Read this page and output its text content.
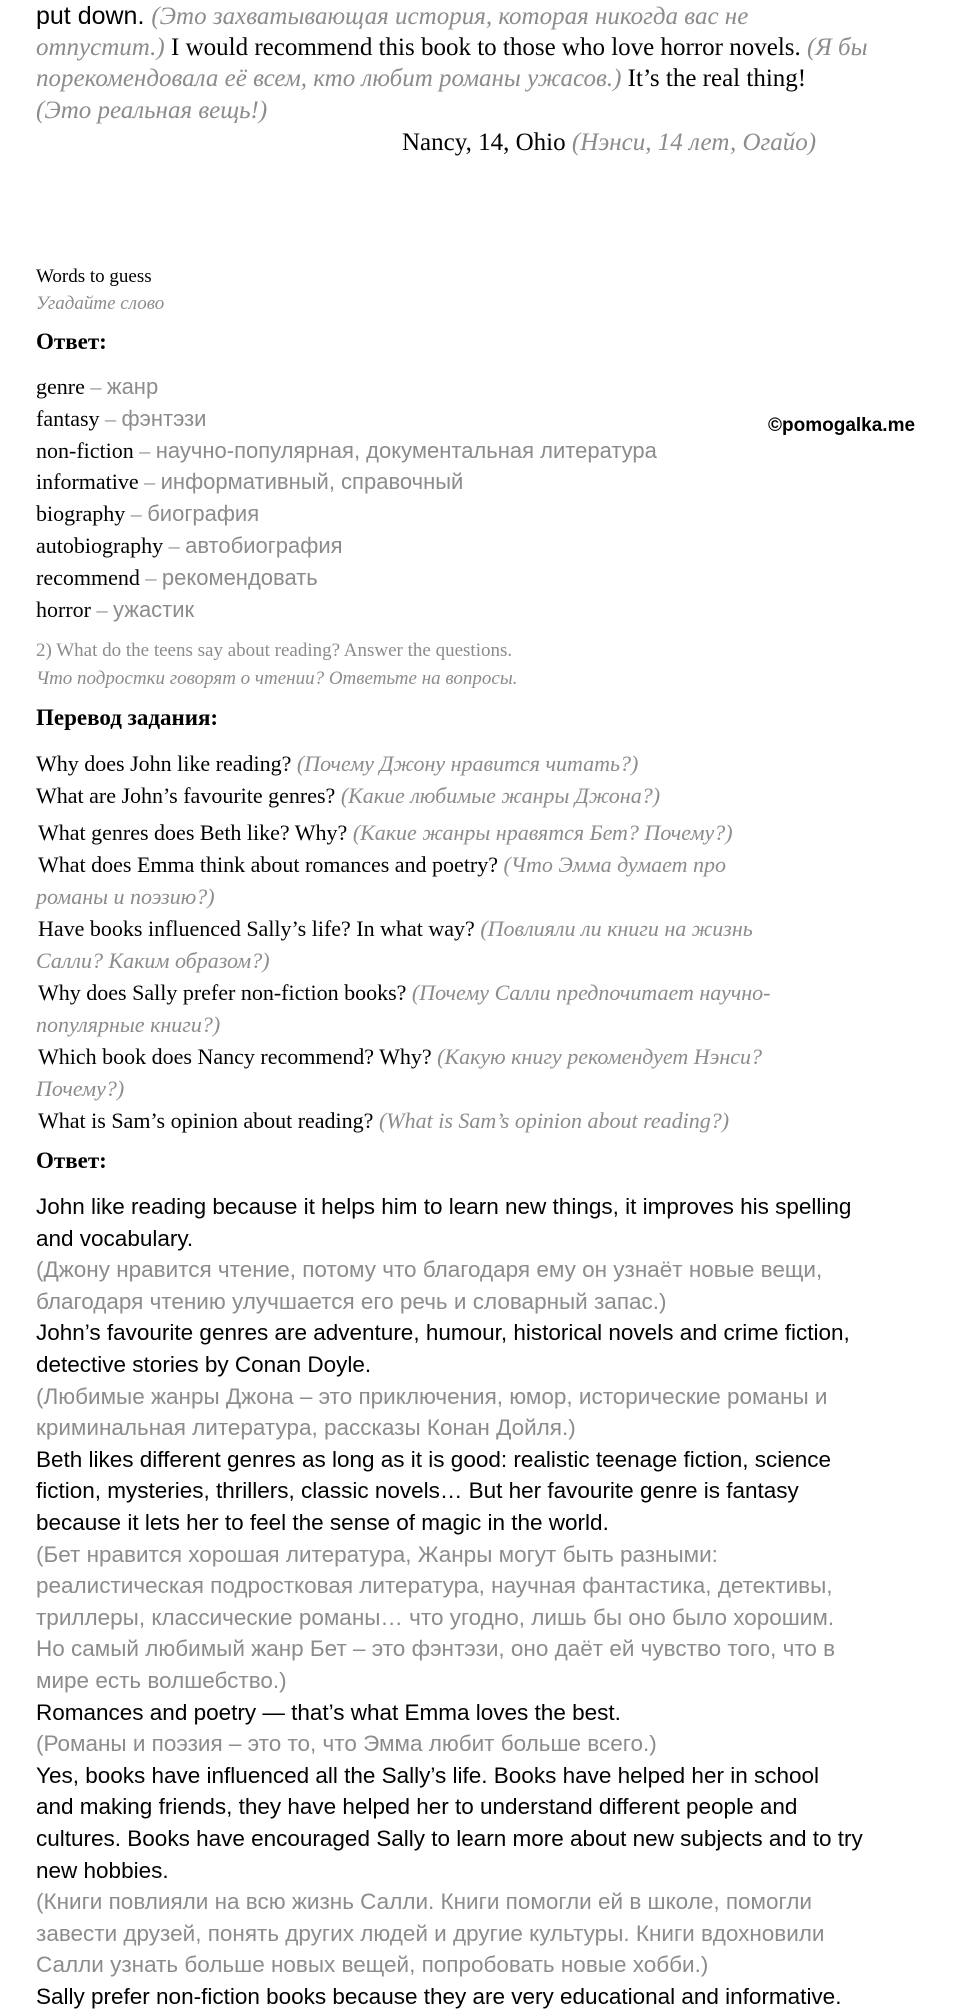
put down. (Это захватывающая история, которая никогда вас не
отпустит.) I would recommend this book to those who love horror novels. (Я бы
порекомендовала её всем, кто любит романы ужасов.) It’s the real thing!
(Это реальная вещь!)
Nancy, 14, Ohio (Нэнси, 14 лет, Огайо)
Words to guess
Угадайте слово
Ответ:
genre – жанр
fantasy – фэнтэзи
non-fiction – научно-популярная, документальная литература
informative – информативный, справочный
biography – биография
autobiography – автобиография
recommend – рекомендовать
horror – ужастик
©pomogalka.me
2) What do the teens say about reading? Answer the questions.
Что подростки говорят о чтении? Ответьте на вопросы.
Перевод задания:
Why does John like reading? (Почему Джону нравится читать?)
What are John’s favourite genres? (Какие любимые жанры Джона?)
What genres does Beth like? Why? (Какие жанры нравятся Бет? Почему?)
What does Emma think about romances and poetry? (Что Эмма думает про
романы и поэзию?)
Have books influenced Sally’s life? In what way? (Повлияли ли книги на жизнь
Салли? Каким образом?)
Why does Sally prefer non-fiction books? (Почему Салли предпочитает научно-
популярные книги?)
Which book does Nancy recommend? Why? (Какую книгу рекомендует Нэнси?
Почему?)
What is Sam’s opinion about reading? (What is Sam’s opinion about reading?)
Ответ:
John like reading because it helps him to learn new things, it improves his spelling
and vocabulary.
(Джону нравится чтение, потому что благодаря ему он узнаёт новые вещи,
благодаря чтению улучшается его речь и словарный запас.)
John’s favourite genres are adventure, humour, historical novels and crime fiction,
detective stories by Conan Doyle.
(Любимые жанры Джона – это приключения, юмор, исторические романы и
криминальная литература, рассказы Конан Дойля.)
Beth likes different genres as long as it is good: realistic teenage fiction, science
fiction, mysteries, thrillers, classic novels… But her favourite genre is fantasy
because it lets her to feel the sense of magic in the world.
(Бет нравится хорошая литература, Жанры могут быть разными:
реалистическая подростковая литература, научная фантастика, детективы,
триллеры, классические романы… что угодно, лишь бы оно было хорошим.
Но самый любимый жанр Бет – это фэнтэзи, оно даёт ей чувство того, что в
мире есть волшебство.)
Romances and poetry — that’s what Emma loves the best.
(Романы и поэзия – это то, что Эмма любит больше всего.)
Yes, books have influenced all the Sally’s life. Books have helped her in school
and making friends, they have helped her to understand different people and
cultures. Books have encouraged Sally to learn more about new subjects and to try
new hobbies.
(Книги повлияли на всю жизнь Салли. Книги помогли ей в школе, помогли
завести друзей, понять других людей и другие культуры. Книги вдохновили
Салли узнать больше новых вещей, попробовать новые хобби.)
Sally prefer non-fiction books because they are very educational and informative.
